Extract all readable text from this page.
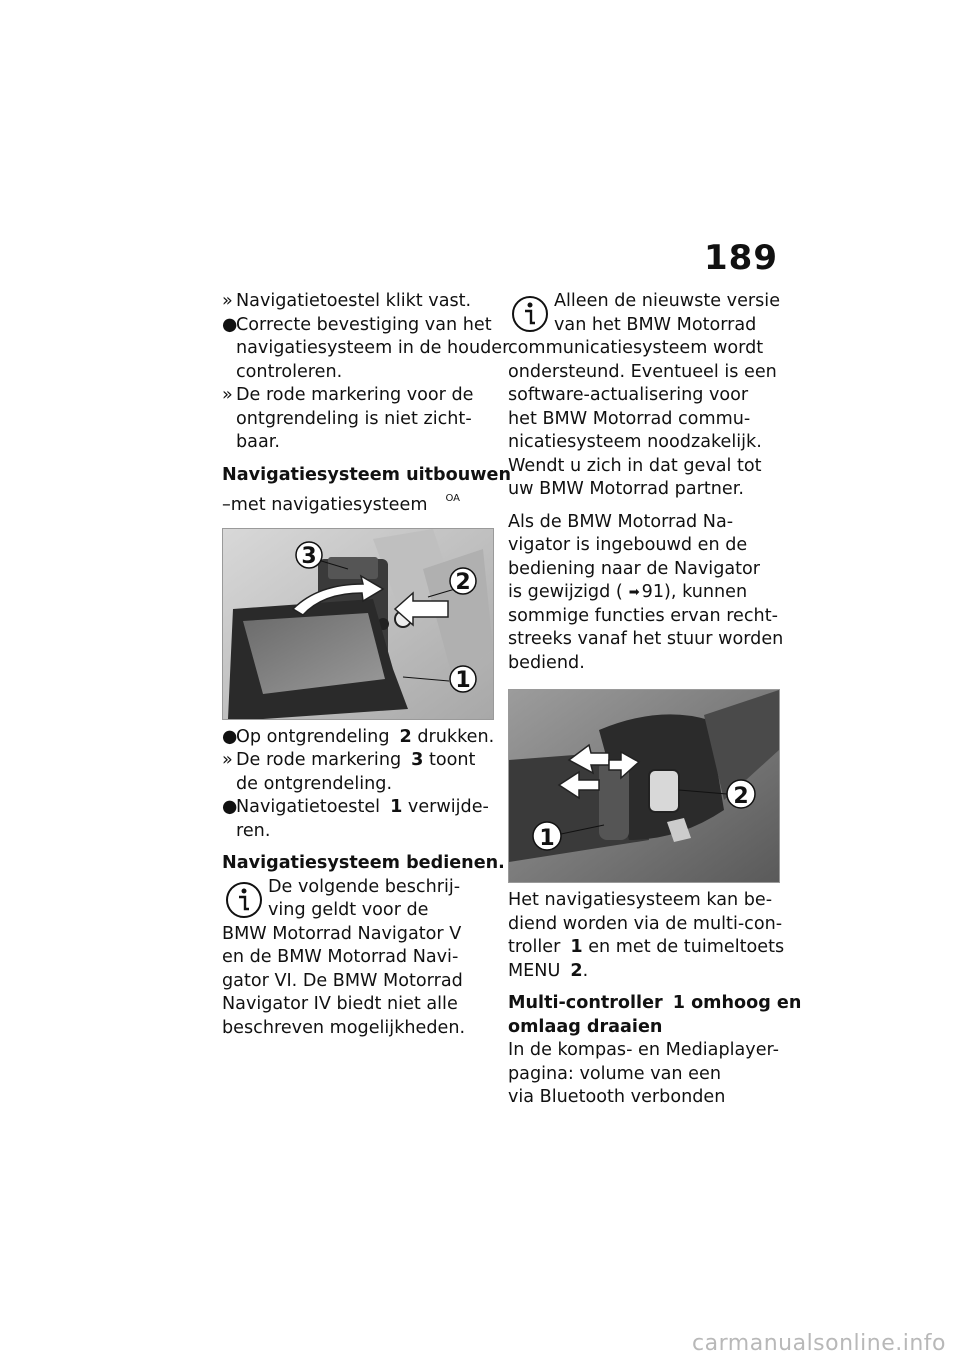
189
» Navigatietoestel klikt vast.
●Correcte bevestiging van het
navigatiesysteem in de houder
controleren.
» De rode markering voor de
ontgrendeling is niet zicht-
baar.
Navigatiesysteem uitbouwen
–met navigatiesysteem $^{OA}$
3
2
1
●Op ontgrendeling 2 drukken.
» De rode markering 3 toont
de ontgrendeling.
●Navigatietoestel 1 verwijde-
ren.
Navigatiesysteem bedienen.
De volgende beschrij-
ving geldt voor de
BMW Motorrad Navigator V
en de BMW Motorrad Navi-
gator VI. De BMW Motorrad
Navigator IV biedt niet alle
beschreven mogelijkheden.
Alleen de nieuwste versie
van het BMW Motorrad
communicatiesysteem wordt
ondersteund. Eventueel is een
software-actualisering voor
het BMW Motorrad commu-
nicatiesysteem noodzakelijk.
Wendt u zich in dat geval tot
uw BMW Motorrad partner.
Als de BMW Motorrad Na-
vigator is ingebouwd en de
bediening naar de Navigator
is gewijzigd ( ➡ 91), kunnen
sommige functies ervan recht-
streeks vanaf het stuur worden
bediend.
1
2
Het navigatiesysteem kan be-
diend worden via de multi-con-
troller 1 en met de tuimeltoets
MENU 2.
Multi-controller 1 omhoog en
omlaag draaien
In de kompas- en Mediaplayer-
pagina: volume van een
via Bluetooth verbonden
carmanualsonline.info
